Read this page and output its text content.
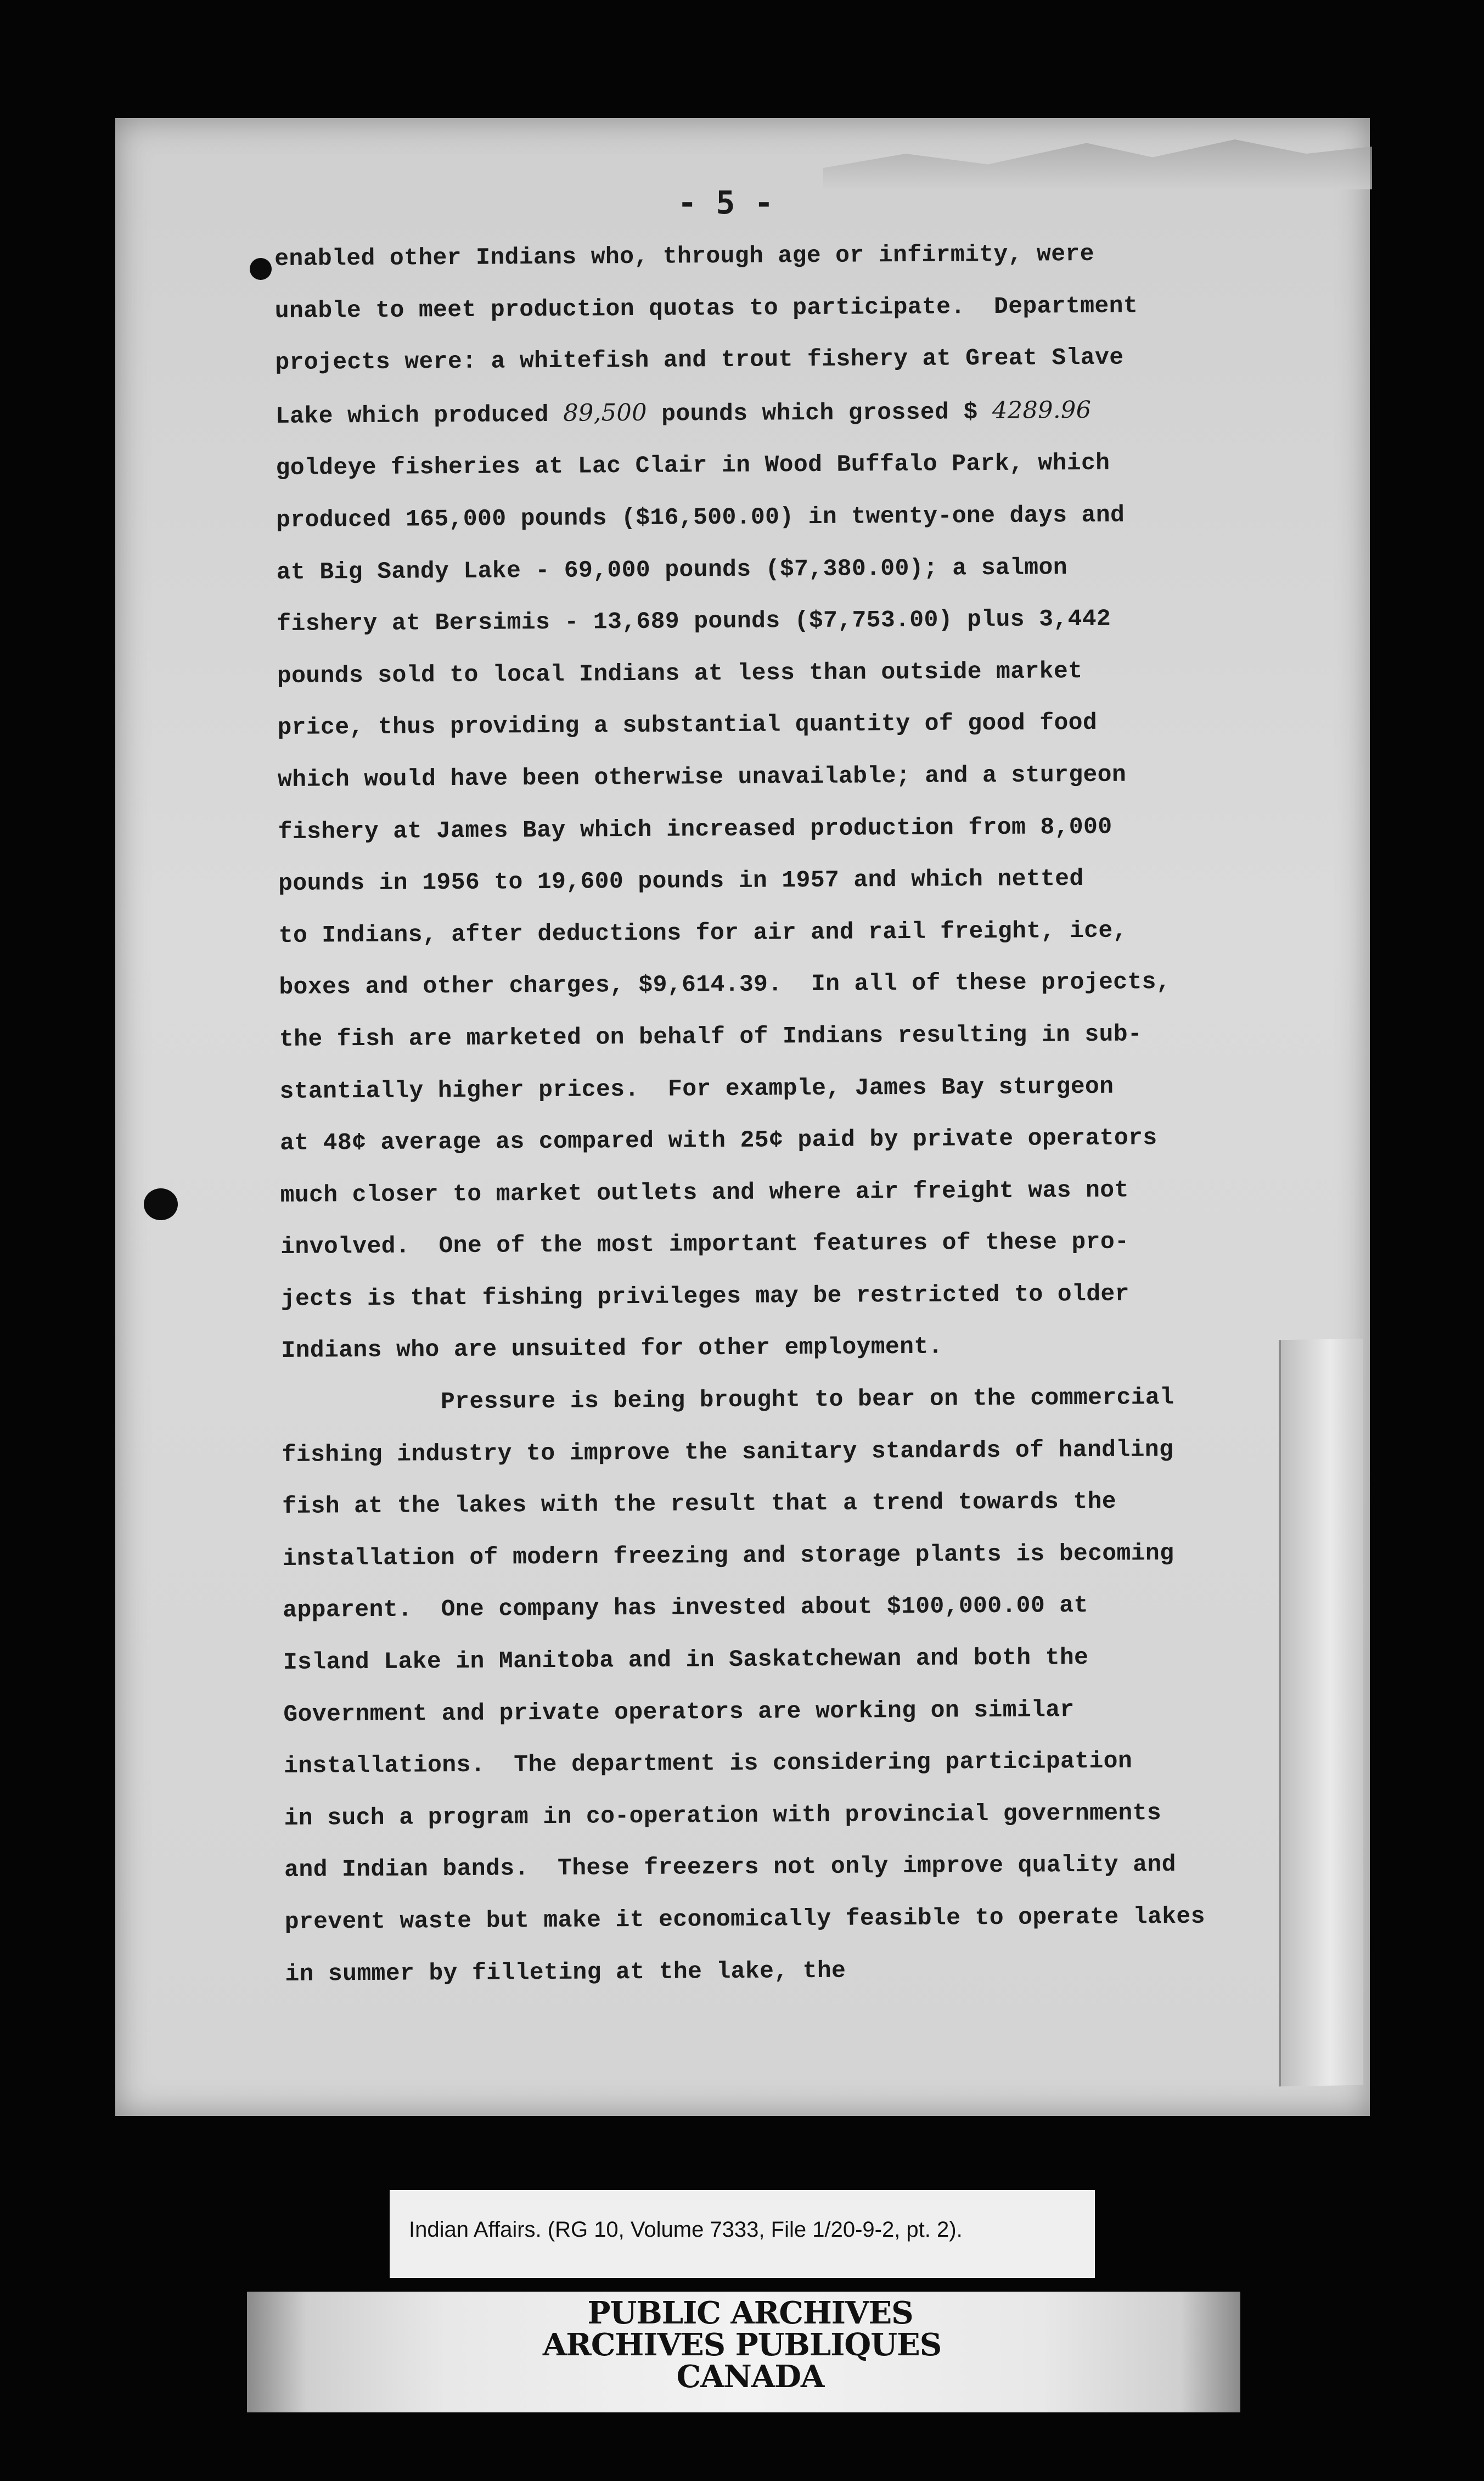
- 5 -
enabled other Indians who, through age or infirmity, were
unable to meet production quotas to participate.  Department
projects were: a whitefish and trout fishery at Great Slave
Lake which produced 89,500 pounds which grossed $ 4289.96
goldeye fisheries at Lac Clair in Wood Buffalo Park, which
produced 165,000 pounds ($16,500.00) in twenty-one days and
at Big Sandy Lake - 69,000 pounds ($7,380.00); a salmon
fishery at Bersimis - 13,689 pounds ($7,753.00) plus 3,442
pounds sold to local Indians at less than outside market
price, thus providing a substantial quantity of good food
which would have been otherwise unavailable; and a sturgeon
fishery at James Bay which increased production from 8,000
pounds in 1956 to 19,600 pounds in 1957 and which netted
to Indians, after deductions for air and rail freight, ice,
boxes and other charges, $9,614.39.  In all of these projects,
the fish are marketed on behalf of Indians resulting in sub-
stantially higher prices.  For example, James Bay sturgeon
at 48¢ average as compared with 25¢ paid by private operators
much closer to market outlets and where air freight was not
involved.  One of the most important features of these pro-
jects is that fishing privileges may be restricted to older
Indians who are unsuited for other employment.
Pressure is being brought to bear on the commercial
fishing industry to improve the sanitary standards of handling
fish at the lakes with the result that a trend towards the
installation of modern freezing and storage plants is becoming
apparent.  One company has invested about $100,000.00 at
Island Lake in Manitoba and in Saskatchewan and both the
Government and private operators are working on similar
installations.  The department is considering participation
in such a program in co-operation with provincial governments
and Indian bands.  These freezers not only improve quality and
prevent waste but make it economically feasible to operate lakes
in summer by filleting at the lake, the
Indian Affairs. (RG 10, Volume 7333, File 1/20-9-2, pt. 2).
PUBLIC ARCHIVES
ARCHIVES PUBLIQUES
CANADA
